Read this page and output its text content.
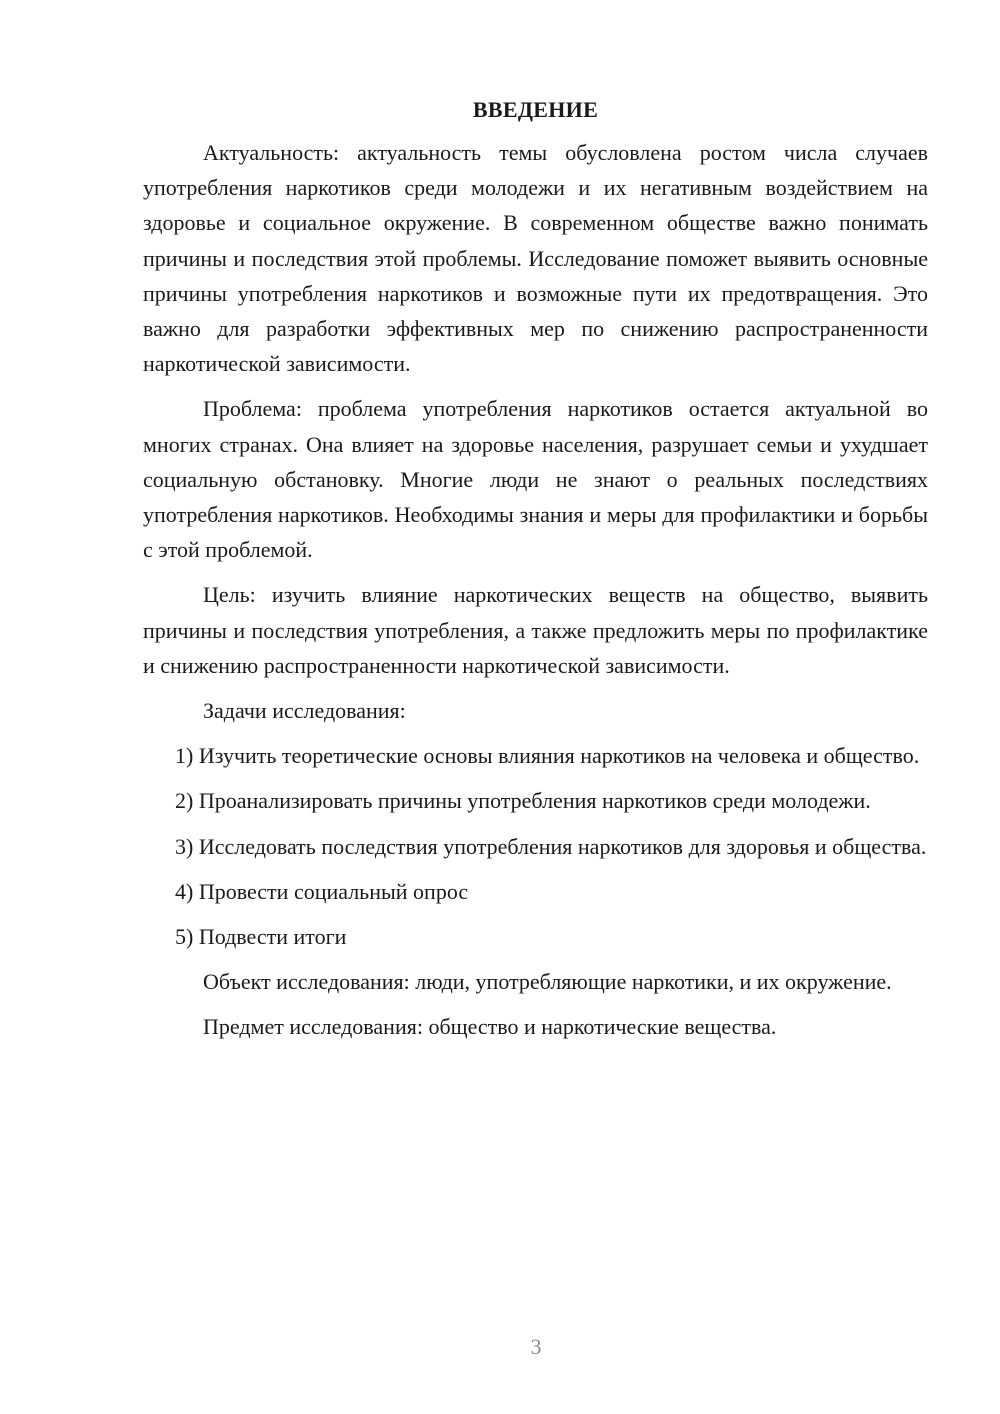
ВВЕДЕНИЕ

Актуальность: актуальность темы обусловлена ростом числа случаев употребления наркотиков среди молодежи и их негативным воздействием на здоровье и социальное окружение. В современном обществе важно понимать причины и последствия этой проблемы. Исследование поможет выявить основные причины употребления наркотиков и возможные пути их предотвращения. Это важно для разработки эффективных мер по снижению распространенности наркотической зависимости.

Проблема: проблема употребления наркотиков остается актуальной во многих странах. Она влияет на здоровье населения, разрушает семьи и ухудшает социальную обстановку. Многие люди не знают о реальных последствиях употребления наркотиков. Необходимы знания и меры для профилактики и борьбы с этой проблемой.

Цель: изучить влияние наркотических веществ на общество, выявить причины и последствия употребления, а также предложить меры по профилактике и снижению распространенности наркотической зависимости.

Задачи исследования:

1) Изучить теоретические основы влияния наркотиков на человека и общество.

2) Проанализировать причины употребления наркотиков среди молодежи.

3) Исследовать последствия употребления наркотиков для здоровья и общества.

4) Провести социальный опрос

5) Подвести итоги

Объект исследования: люди, употребляющие наркотики, и их окружение.

Предмет исследования: общество и наркотические вещества.

3
